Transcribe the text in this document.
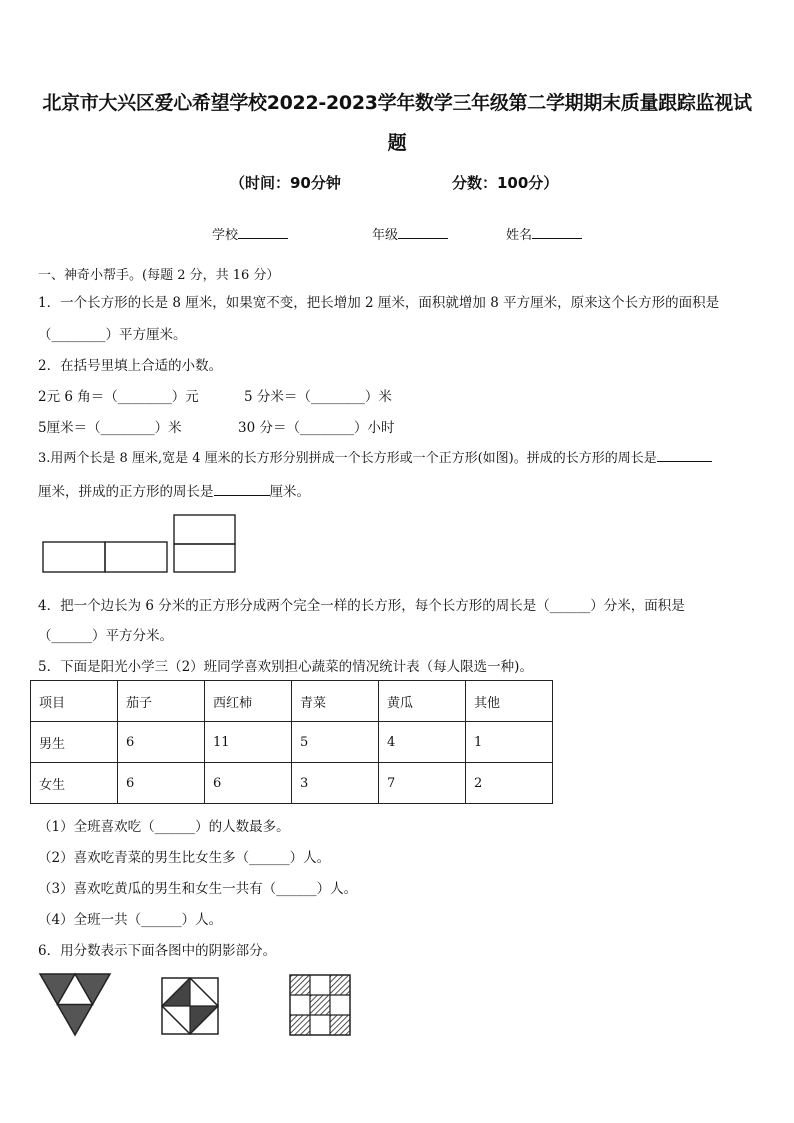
北京市大兴区爱心希望学校2022-2023学年数学三年级第二学期期末质量跟踪监视试
题
（时间：90分钟	分数：100分）
学校	年级	姓名
一、神奇小帮手。(每题 2 分，共 16 分）
1．一个长方形的长是 8 厘米，如果宽不变，把长增加 2 厘米，面积就增加 8 平方厘米，原来这个长方形的面积是
（________）平方厘米。
2．在括号里填上合适的小数。
2元 6 角＝（________）元	5 分米＝（________）米
5厘米＝（________）米	30 分＝（________）小时
3.用两个长是 8 厘米,宽是 4 厘米的长方形分别拼成一个长方形或一个正方形(如图)。拼成的长方形的周长是
厘米，拼成的正方形的周长是	厘米。
4．把一个边长为 6 分米的正方形分成两个完全一样的长方形，每个长方形的周长是（______）分米，面积是
（______）平方分米。
5．下面是阳光小学三（2）班同学喜欢别担心蔬菜的情况统计表（每人限选一种)。
项目	茄子	西红柿	青菜	黄瓜	其他
男生	6	11	5	4	1
女生	6	6	3	7	2
（1）全班喜欢吃（______）的人数最多。
（2）喜欢吃青菜的男生比女生多（______）人。
（3）喜欢吃黄瓜的男生和女生一共有（______）人。
（4）全班一共（______）人。
6．用分数表示下面各图中的阴影部分。
